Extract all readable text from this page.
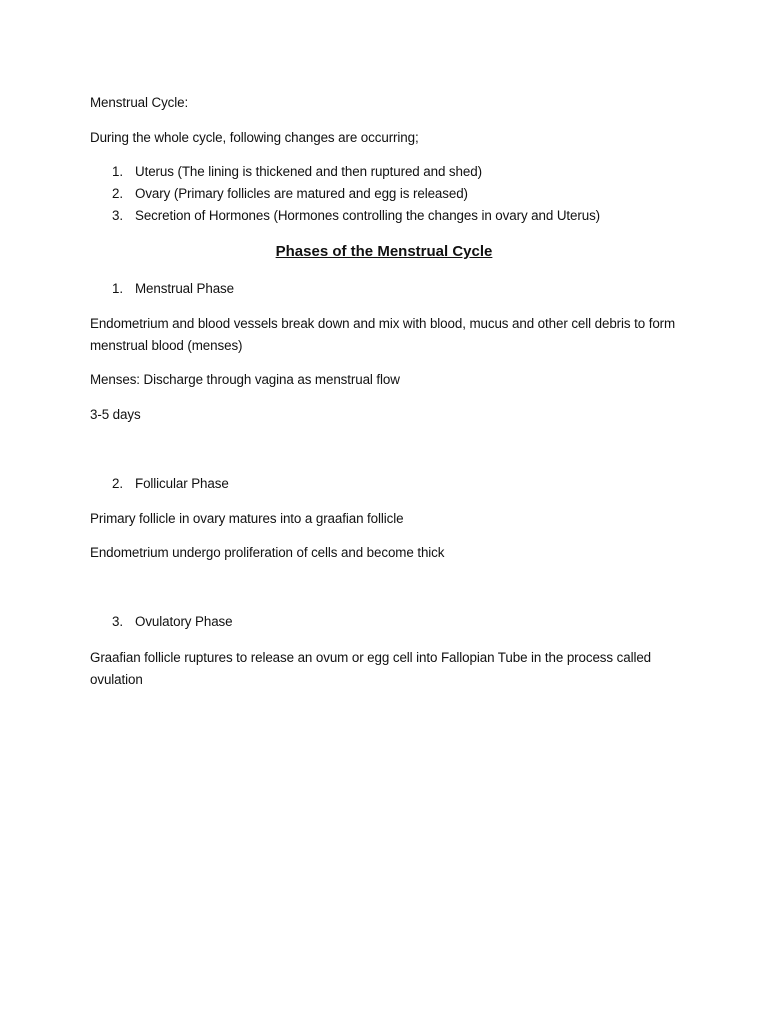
Menstrual Cycle:
During the whole cycle, following changes are occurring;
1. Uterus (The lining is thickened and then ruptured and shed)
2. Ovary (Primary follicles are matured and egg is released)
3. Secretion of Hormones (Hormones controlling the changes in ovary and Uterus)
Phases of the Menstrual Cycle
1. Menstrual Phase
Endometrium and blood vessels break down and mix with blood, mucus and other cell debris to form menstrual blood (menses)
Menses: Discharge through vagina as menstrual flow
3-5 days
2. Follicular Phase
Primary follicle in ovary matures into a graafian follicle
Endometrium undergo proliferation of cells and become thick
3. Ovulatory Phase
Graafian follicle ruptures to release an ovum or egg cell into Fallopian Tube in the process called ovulation
